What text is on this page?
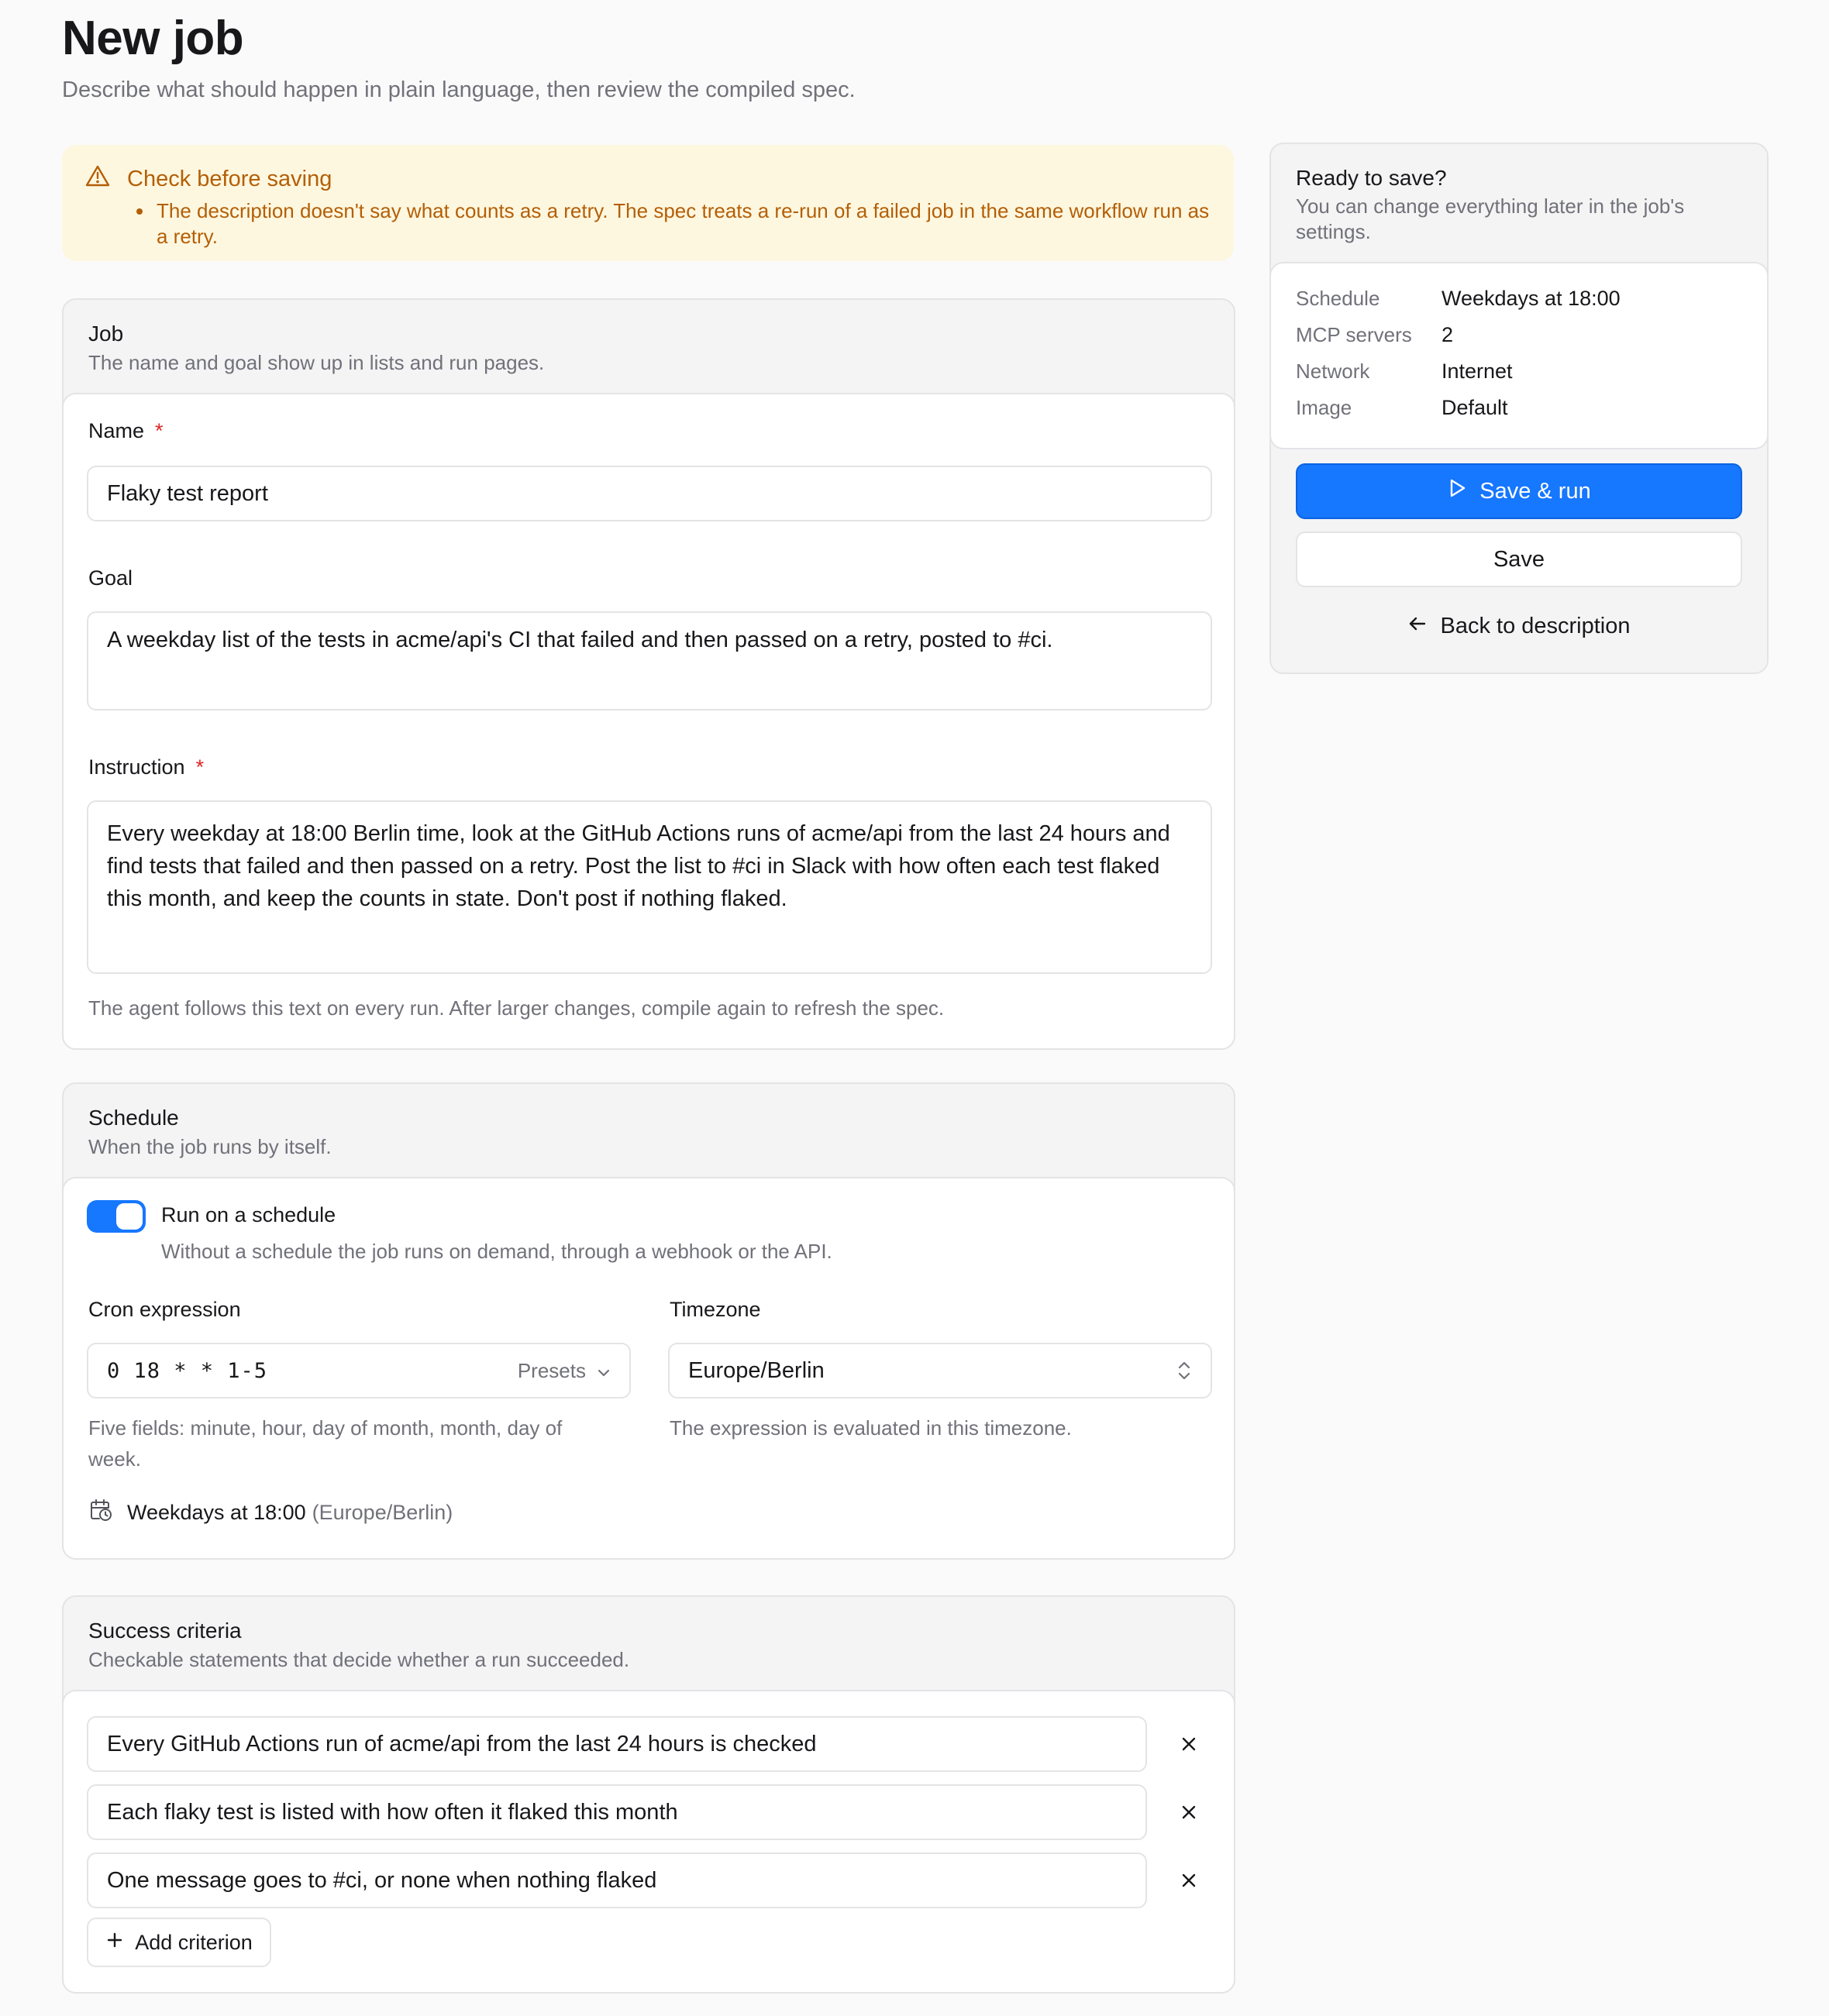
New job
Describe what should happen in plain language, then review the compiled spec.
Check before saving
The description doesn't say what counts as a retry. The spec treats a re-run of a failed job in the same workflow run as a retry.
Job
The name and goal show up in lists and run pages.
Name *
Flaky test report
Goal
A weekday list of the tests in acme/api's CI that failed and then passed on a retry, posted to #ci.
Instruction *
Every weekday at 18:00 Berlin time, look at the GitHub Actions runs of acme/api from the last 24 hours and find tests that failed and then passed on a retry. Post the list to #ci in Slack with how often each test flaked this month, and keep the counts in state. Don't post if nothing flaked.
The agent follows this text on every run. After larger changes, compile again to refresh the spec.
Schedule
When the job runs by itself.
Run on a schedule
Without a schedule the job runs on demand, through a webhook or the API.
Cron expression
0 18 * * 1-5	Presets
Five fields: minute, hour, day of month, month, day of week.
Timezone
Europe/Berlin
The expression is evaluated in this timezone.
Weekdays at 18:00 (Europe/Berlin)
Success criteria
Checkable statements that decide whether a run succeeded.
Every GitHub Actions run of acme/api from the last 24 hours is checked
Each flaky test is listed with how often it flaked this month
One message goes to #ci, or none when nothing flaked
Add criterion
Ready to save?
You can change everything later in the job's settings.
Schedule	Weekdays at 18:00
MCP servers	2
Network	Internet
Image	Default
Save & run
Save
Back to description
